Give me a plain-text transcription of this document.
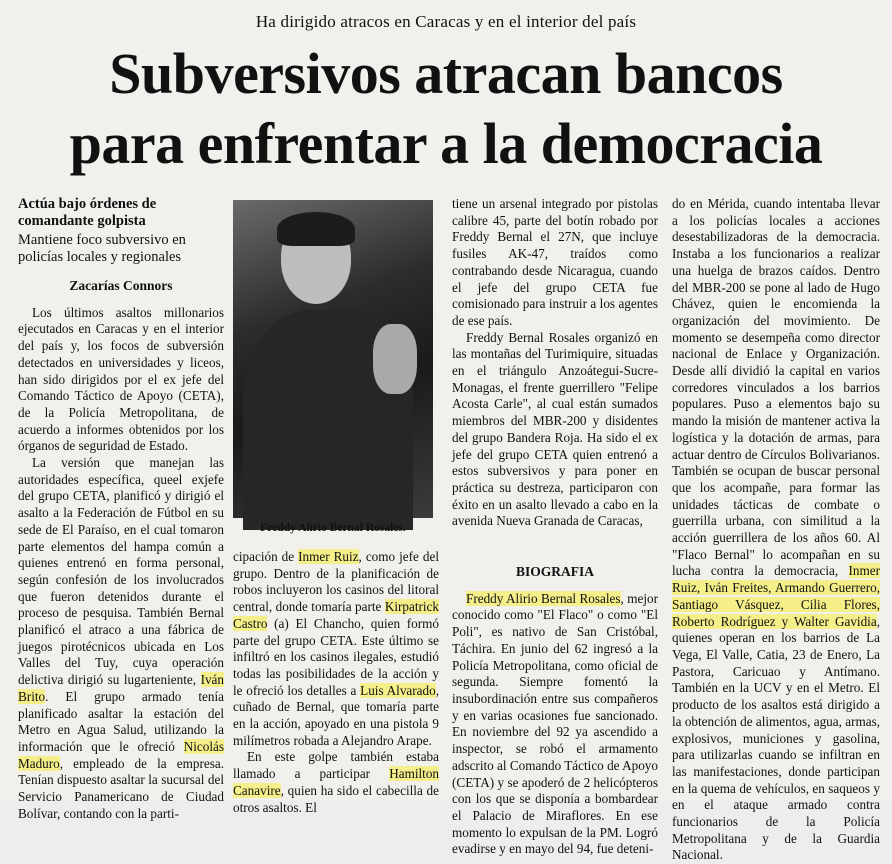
Ha dirigido atracos en Caracas y en el interior del país
Subversivos atracan bancos
para enfrentar a la democracia
Actúa bajo órdenes de comandante golpista
Mantiene foco subversivo en policías locales y regionales
Zacarías Connors

Los últimos asaltos millonarios ejecutados en Caracas y en el interior del país y, los focos de subversión detectados en universidades y liceos, han sido dirigidos por el ex jefe del Comando Táctico de Apoyo (CETA), de la Policía Metropolitana, de acuerdo a informes obtenidos por los órganos de seguridad de Estado.

La versión que manejan las autoridades específica, queel exjefe del grupo CETA, planificó y dirigió el asalto a la Federación de Fútbol en su sede de El Paraíso, en el cual tomaron parte elementos del hampa común a quienes entrenó en forma personal, según confesión de los involucrados que fueron detenidos durante el proceso de pesquisa. También Bernal planificó el atraco a una fábrica de juegos pirotécnicos ubicada en Los Valles del Tuy, cuya operación delictiva dirigió su lugarteniente, Iván Brito. El grupo armado tenía planificado asaltar la estación del Metro en Agua Salud, utilizando la información que le ofreció Nicolás Maduro, empleado de la empresa. Tenían dispuesto asaltar la sucursal del Servicio Panamericano de Ciudad Bolívar, contando con la parti-

Freddy Alirio Bernal Rosales.

cipación de Inmer Ruiz, como jefe del grupo. Dentro de la planificación de robos incluyeron los casinos del litoral central, donde tomaría parte Kirpatrick Castro (a) El Chancho, quien formó parte del grupo CETA. Este último se infiltró en los casinos ilegales, estudió todas las posibilidades de la acción y le ofreció los detalles a Luis Alvarado, cuñado de Bernal, que tomaría parte en la acción, apoyado en una pistola 9 milímetros robada a Alejandro Arape.

En este golpe también estaba llamado a participar Hamilton Canavire, quien ha sido el cabecilla de otros asaltos. El

tiene un arsenal integrado por pistolas calibre 45, parte del botín robado por Freddy Bernal el 27N, que incluye fusiles AK-47, traídos como contrabando desde Nicaragua, cuando el jefe del grupo CETA fue comisionado para instruir a los agentes de ese país.

Freddy Bernal Rosales organizó en las montañas del Turimiquire, situadas en el triángulo Anzoátegui-Sucre-Monagas, el frente guerrillero "Felipe Acosta Carle", al cual están sumados miembros del MBR-200 y disidentes del grupo Bandera Roja. Ha sido el ex jefe del grupo CETA quien entrenó a estos subversivos y para poner en práctica su destreza, participaron con éxito en un asalto llevado a cabo en la avenida Nueva Granada de Caracas,

BIOGRAFIA

Freddy Alirio Bernal Rosales, mejor conocido como "El Flaco" o como "El Poli", es nativo de San Cristóbal, Táchira. En junio del 62 ingresó a la Policía Metropolitana, como oficial de segunda. Siempre fomentó la insubordinación entre sus compañeros y en varias ocasiones fue sancionado. En noviembre del 92 ya ascendido a inspector, se robó el armamento adscrito al Comando Táctico de Apoyo (CETA) y se apoderó de 2 helicópteros con los que se disponía a bombardear el Palacio de Miraflores. En ese momento lo expulsan de la PM. Logró evadirse y en mayo del 94, fue deteni-

do en Mérida, cuando intentaba llevar a los policías locales a acciones desestabilizadoras de la democracia. Instaba a los funcionarios a realizar una huelga de brazos caídos. Dentro del MBR-200 se pone al lado de Hugo Chávez, quien le encomienda la organización del movimiento. De momento se desempeña como director nacional de Enlace y Organización. Desde allí dividió la capital en varios corredores vinculados a los barrios populares. Puso a elementos bajo su mando la misión de mantener activa la logística y la dotación de armas, para actuar dentro de Círculos Bolivarianos. También se ocupan de buscar personal que los acompañe, para formar las unidades tácticas de combate o guerrilla urbana, con similitud a la acción guerrillera de los años 60. Al "Flaco Bernal" lo acompañan en su lucha contra la democracia, Inmer Ruiz, Iván Freites, Armando Guerrero, Santiago Vásquez, Cilia Flores, Roberto Rodríguez y Walter Gavidia, quienes operan en los barrios de La Vega, El Valle, Catia, 23 de Enero, La Pastora, Caricuao y Antímano. También en la UCV y en el Metro. El producto de los asaltos está dirigido a la obtención de alimentos, agua, armas, explosivos, municiones y gasolina, para utilizarlas cuando se infiltran en las manifestaciones, donde participan en la quema de vehículos, en saqueos y en el ataque armado contra funcionarios de la Policía Metropolitana y de la Guardia Nacional.
